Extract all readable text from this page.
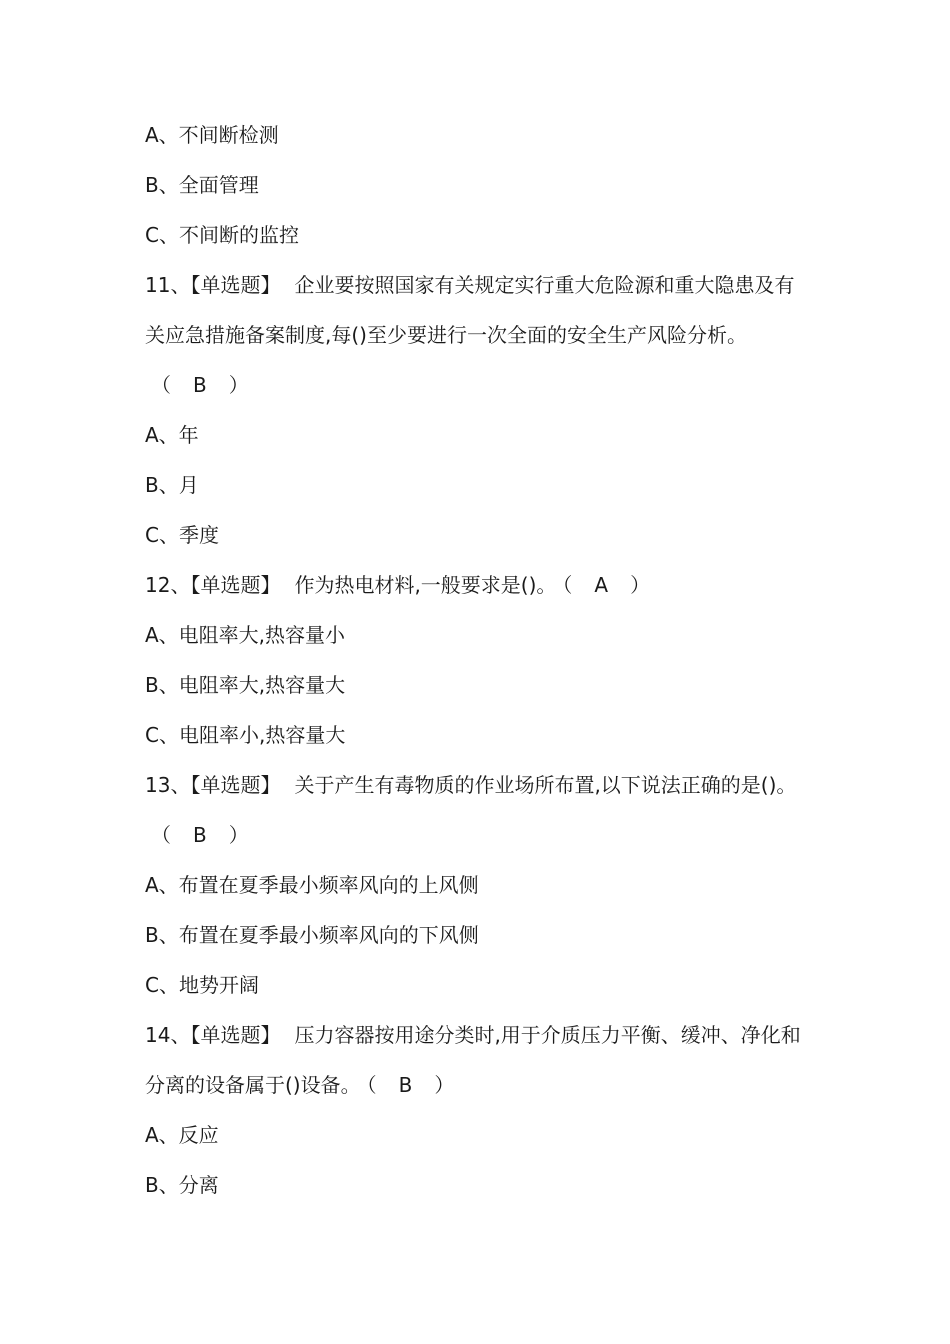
A、不间断检测
B、全面管理
C、不间断的监控
11、【单选题】 企业要按照国家有关规定实行重大危险源和重大隐患及有关应急措施备案制度,每()至少要进行一次全面的安全生产风险分析。（ B ）
A、年
B、月
C、季度
12、【单选题】 作为热电材料,一般要求是()。 （ A ）
A、电阻率大,热容量小
B、电阻率大,热容量大
C、电阻率小,热容量大
13、【单选题】 关于产生有毒物质的作业场所布置,以下说法正确的是()。（ B ）
A、布置在夏季最小频率风向的上风侧
B、布置在夏季最小频率风向的下风侧
C、地势开阔
14、【单选题】 压力容器按用途分类时,用于介质压力平衡、缓冲、净化和分离的设备属于()设备。 （ B ）
A、反应
B、分离
